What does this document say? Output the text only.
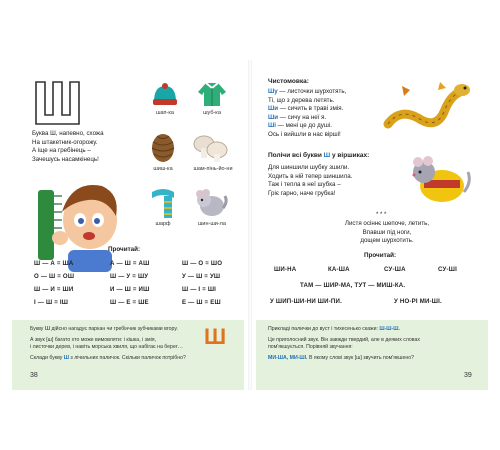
Буква Ш, напевно, схожа
На штакетник-огорожу.
А іще на гребінець –
Зачешусь насамкінець!
шап-ка	шуб-ка
шиш-ка	шам-пінь-йо-ни
шарф	шин-ши-ла
Прочитай:
Ш — А = ША	А — Ш = АШ	Ш — О = ШО
О — Ш = ОШ	Ш — У = ШУ	У — Ш = УШ
Ш — И = ШИ	И — Ш = ИШ	Ш — І = ШІ
І — Ш = ІШ	Ш — Е = ШЕ	Е — Ш = ЕШ
Букву Ш дійсно нагадує паркан чи гребінчик зубчиками вгору.
А звук [ш] багато хто може вимовляти: і кішка, і змія,
і листочки дерев, і навіть морська хвиля, що набігає на берег…
Склади букву Ш з лічильних паличок. Скільки паличок потрібно?
Ш
38
Чистомовка:
Шу — листочки шурхотять,
Ті, що з дерева летять.
Ши — сичить в траві змія.
Ши — сичу на неї я.
Ші — мені це до душі.
Ось і вийшли в нас вірші!
Полічи всі букви Ш у віршиках:
Для шиншили шубку зшили.
Ходить в ній тепер шиншила.
Таж і тепла в неї шубка –
Гріє гарно, наче грубка!
* * *
Листя осіннє шепоче, летить,
Впавши під ноги,
дощем шурхотить.
Прочитай:
ШИ-НА	КА-ША	СУ-ША	СУ-ШІ
ТАМ — ШИР-МА, ТУТ — МИШ-КА.
У ШИП-ШИ-НИ ШИ-ПИ.	У НО-РІ МИ-ШІ.
Прикладі палички до вуст і тихесенько скажи: Ш-Ш-Ш.
Це приголосний звук. Він завжди твердий, але в деяких словах
пом'якшується. Порівняй звучання:
МИ-ША, МИ-ШІ. В якому слові звук [ш] звучить пом'якшено?
39
